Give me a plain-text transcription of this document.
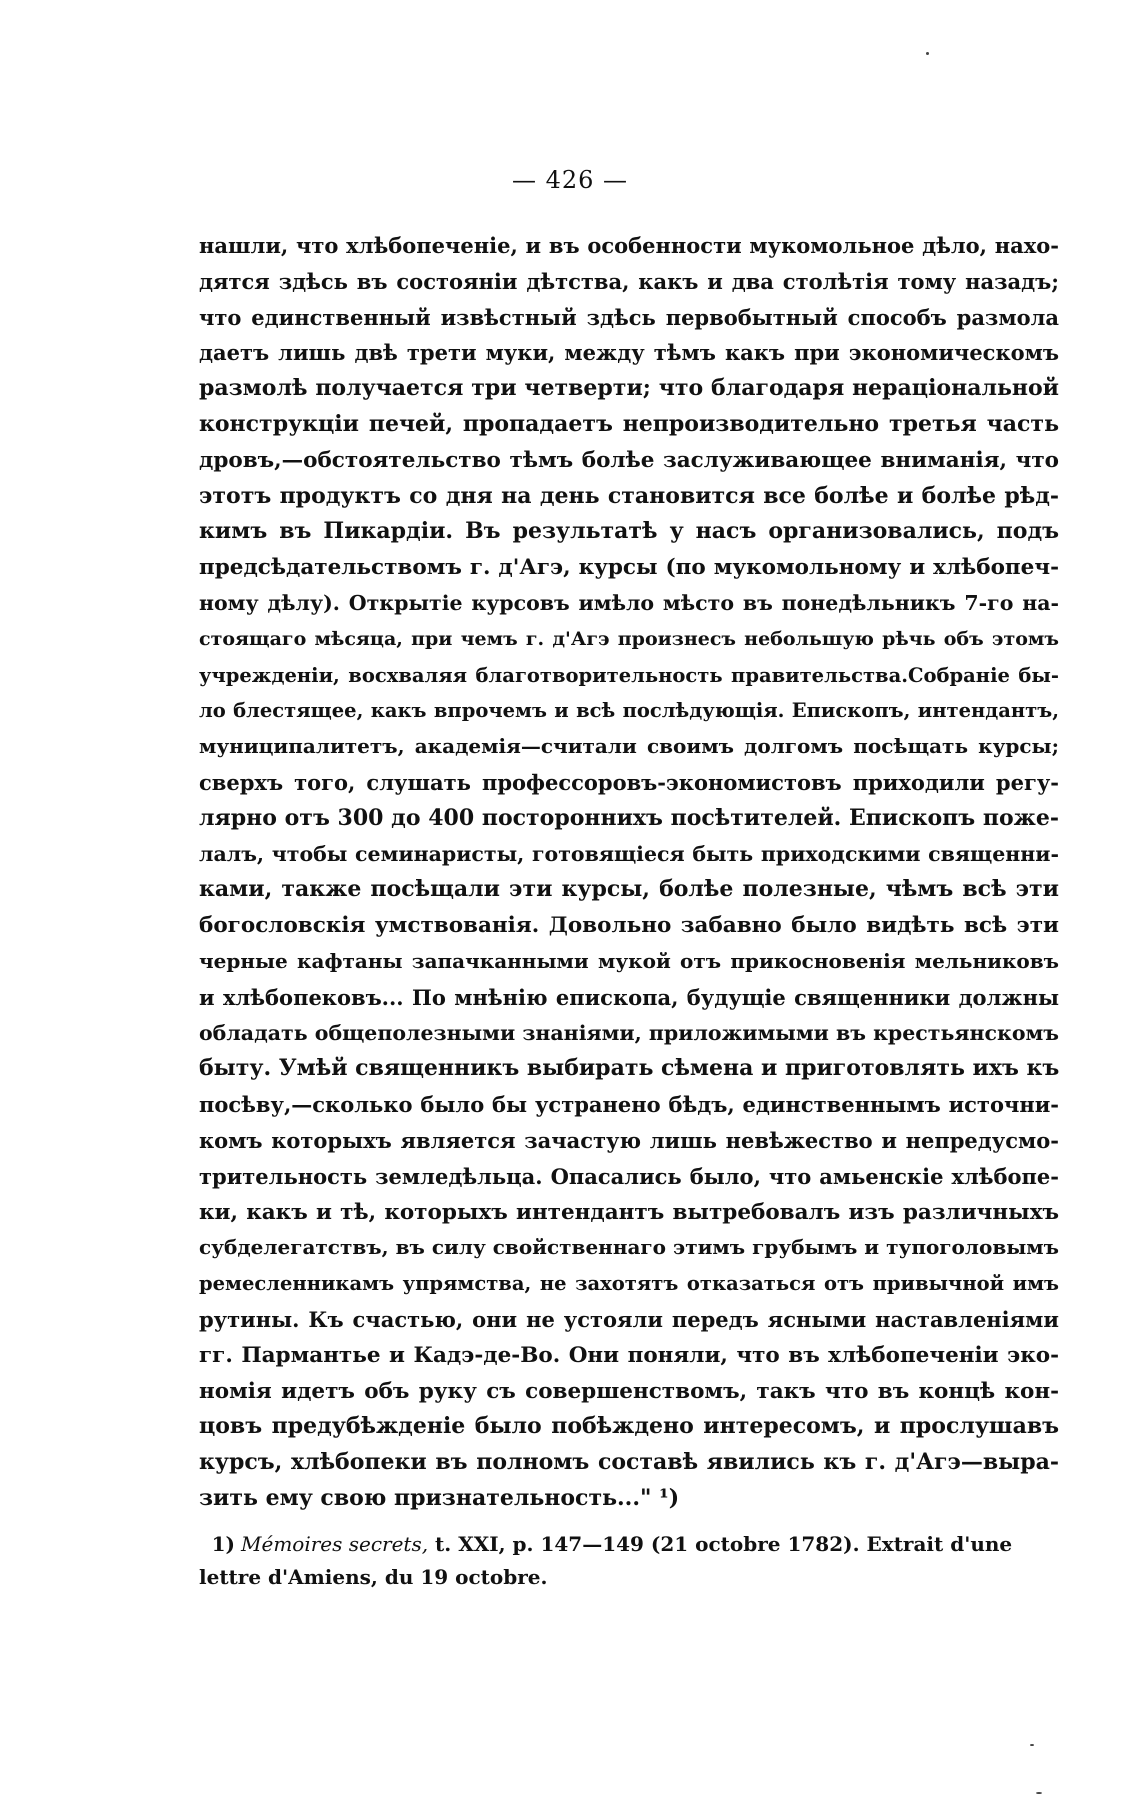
— 426 —
нашли, что хлѣбопеченіе, и въ особенности мукомольное дѣло, нахо-
дятся здѣсь въ состояніи дѣтства, какъ и два столѣтія тому назадъ;
что единственный извѣстный здѣсь первобытный способъ размола
даетъ лишь двѣ трети муки, между тѣмъ какъ при экономическомъ
размолѣ получается три четверти; что благодаря нераціональной
конструкціи печей, пропадаетъ непроизводительно третья часть
дровъ,—обстоятельство тѣмъ болѣе заслуживающее вниманія, что
этотъ продуктъ со дня на день становится все болѣе и болѣе рѣд-
кимъ въ Пикардіи. Въ результатѣ у насъ организовались, подъ
предсѣдательствомъ г. д'Агэ, курсы (по мукомольному и хлѣбопеч-
ному дѣлу). Открытіе курсовъ имѣло мѣсто въ понедѣльникъ 7-го на-
стоящаго мѣсяца, при чемъ г. д'Агэ произнесъ небольшую рѣчь объ этомъ
учрежденіи, восхваляя благотворительность правительства.Собраніе бы-
ло блестящее, какъ впрочемъ и всѣ послѣдующія. Епископъ, интендантъ,
муниципалитетъ, академія—считали своимъ долгомъ посѣщать курсы;
сверхъ того, слушать профессоровъ-экономистовъ приходили регу-
лярно отъ 300 до 400 постороннихъ посѣтителей. Епископъ поже-
лалъ, чтобы семинаристы, готовящіеся быть приходскими священни-
ками, также посѣщали эти курсы, болѣе полезные, чѣмъ всѣ эти
богословскія умствованія. Довольно забавно было видѣть всѣ эти
черные кафтаны запачканными мукой отъ прикосновенія мельниковъ
и хлѣбопековъ... По мнѣнію епископа, будущіе священники должны
обладать общеполезными знаніями, приложимыми въ крестьянскомъ
быту. Умѣй священникъ выбирать сѣмена и приготовлять ихъ къ
посѣву,—сколько было бы устранено бѣдъ, единственнымъ источни-
комъ которыхъ является зачастую лишь невѣжество и непредусмо-
трительность земледѣльца. Опасались было, что амьенскіе хлѣбопе-
ки, какъ и тѣ, которыхъ интендантъ вытребовалъ изъ различныхъ
субделегатствъ, въ силу свойственнаго этимъ грубымъ и тупоголовымъ
ремесленникамъ упрямства, не захотятъ отказаться отъ привычной имъ
рутины. Къ счастью, они не устояли передъ ясными наставленіями
гг. Пармантье и Кадэ-де-Во. Они поняли, что въ хлѣбопеченіи эко-
номія идетъ объ руку съ совершенствомъ, такъ что въ концѣ кон-
цовъ предубѣжденіе было побѣждено интересомъ, и прослушавъ
курсъ, хлѣбопеки въ полномъ составѣ явились къ г. д'Агэ—выра-
зить ему свою признательность..." ¹)
1) Mémoires secrets, t. XXI, p. 147—149 (21 octobre 1782). Extrait d'une
lettre d'Amiens, du 19 octobre.
